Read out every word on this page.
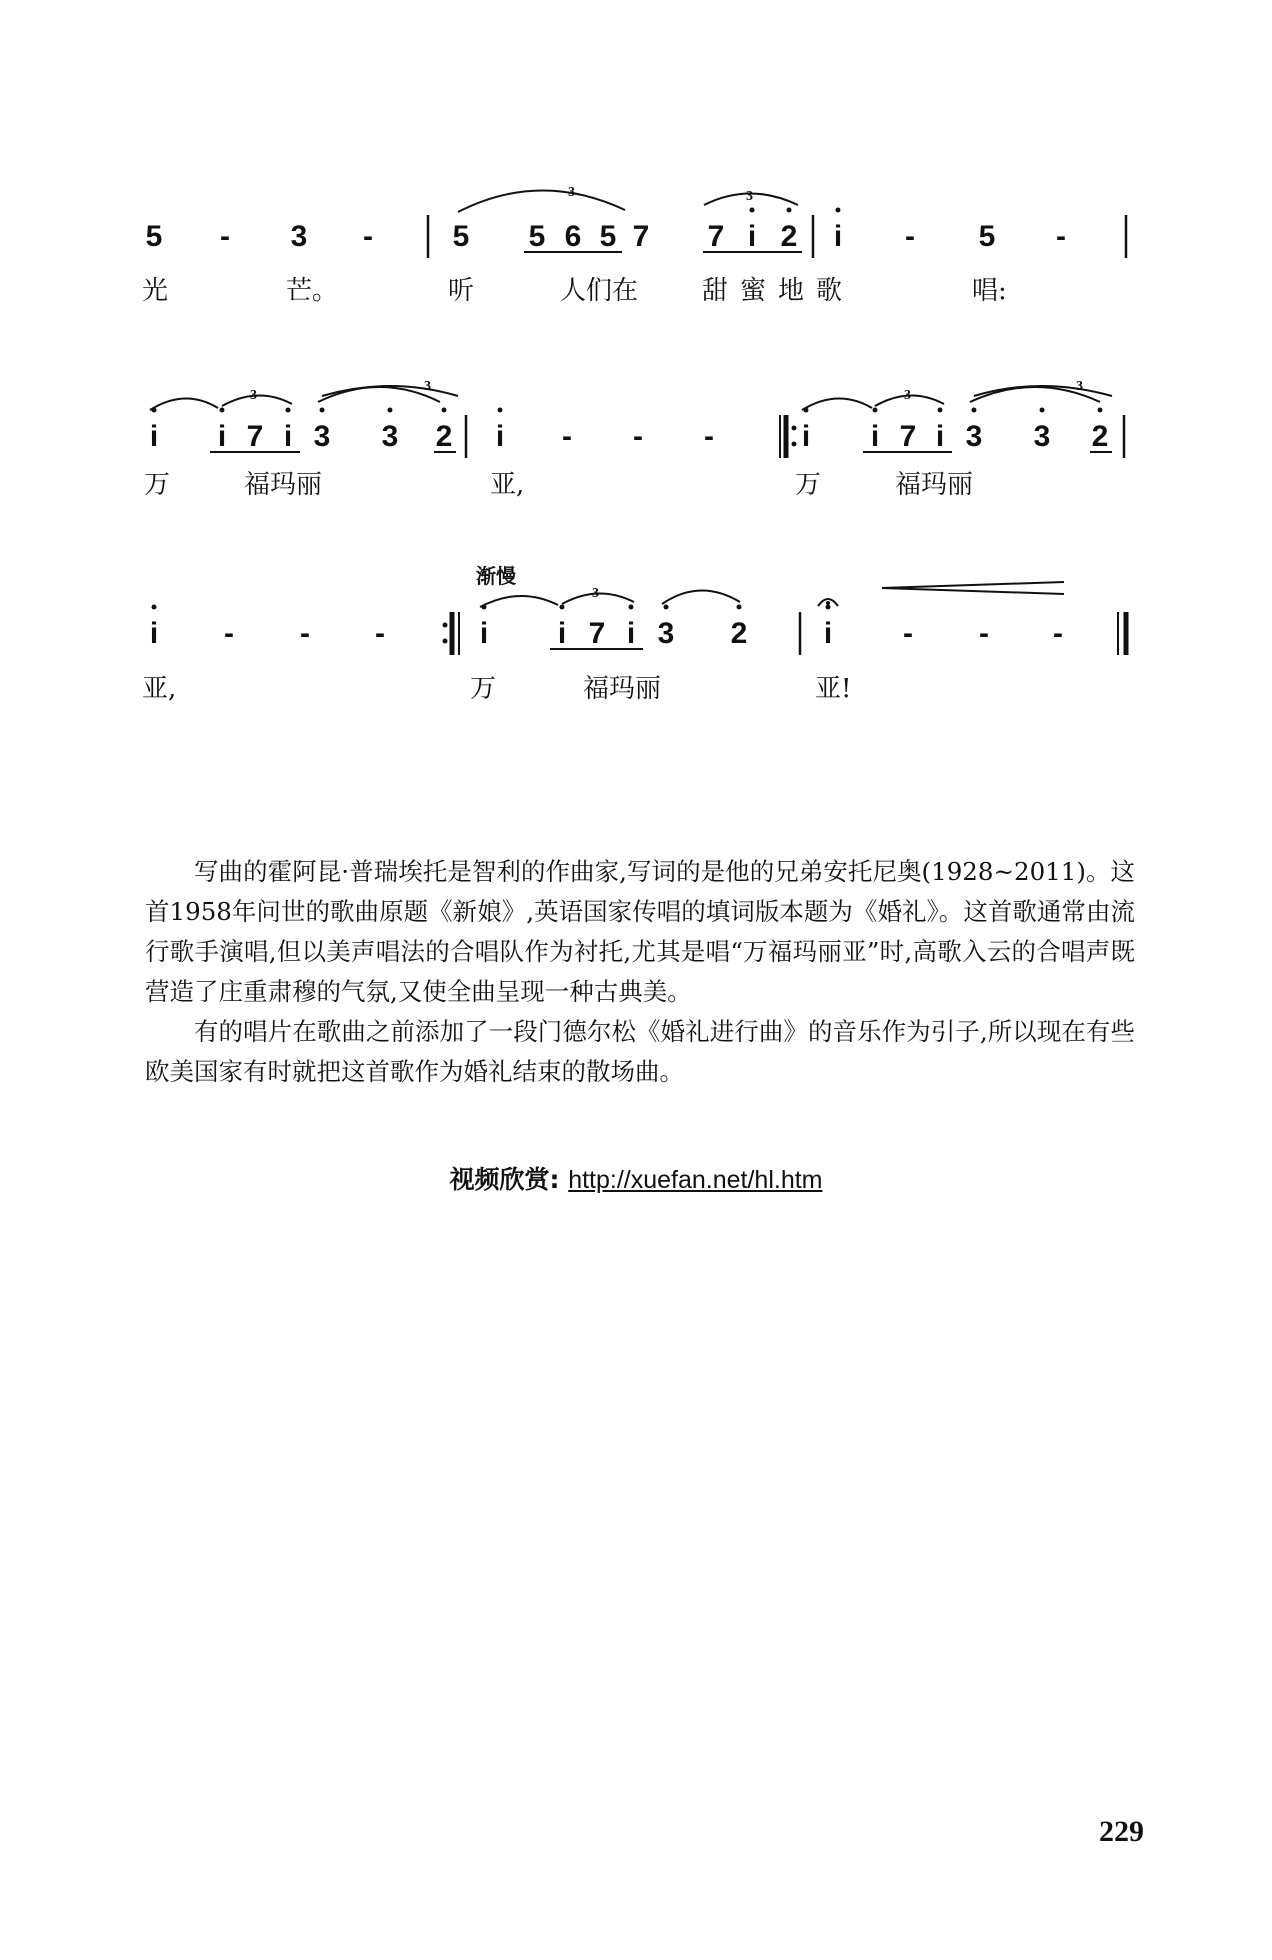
5 - 3 -	5 5 6 5 7 7 i 2 i - 5 -
光	芒。	听	人们在 甜蜜地歌	唱:
i i 7 i 3 3 2 i - - -	i i 7 i 3 3 2
万	福玛丽	亚,	万	福玛丽
渐慢
i - - -	i i 7 i 3 2	i - - -
亚,	万	福玛丽	亚!
3	3
3
3
3
3
3

写曲的霍阿昆·普瑞埃托是智利的作曲家,写词的是他的兄弟安托尼奥(1928~2011)。这首1958年问世的歌曲原题《新娘》,英语国家传唱的填词版本题为《婚礼》。这首歌通常由流行歌手演唱,但以美声唱法的合唱队作为衬托,尤其是唱“万福玛丽亚”时,高歌入云的合唱声既营造了庄重肃穆的气氛,又使全曲呈现一种古典美。

有的唱片在歌曲之前添加了一段门德尔松《婚礼进行曲》的音乐作为引子,所以现在有些欧美国家有时就把这首歌作为婚礼结束的散场曲。

视频欣赏: http://xuefan.net/hl.htm
229
